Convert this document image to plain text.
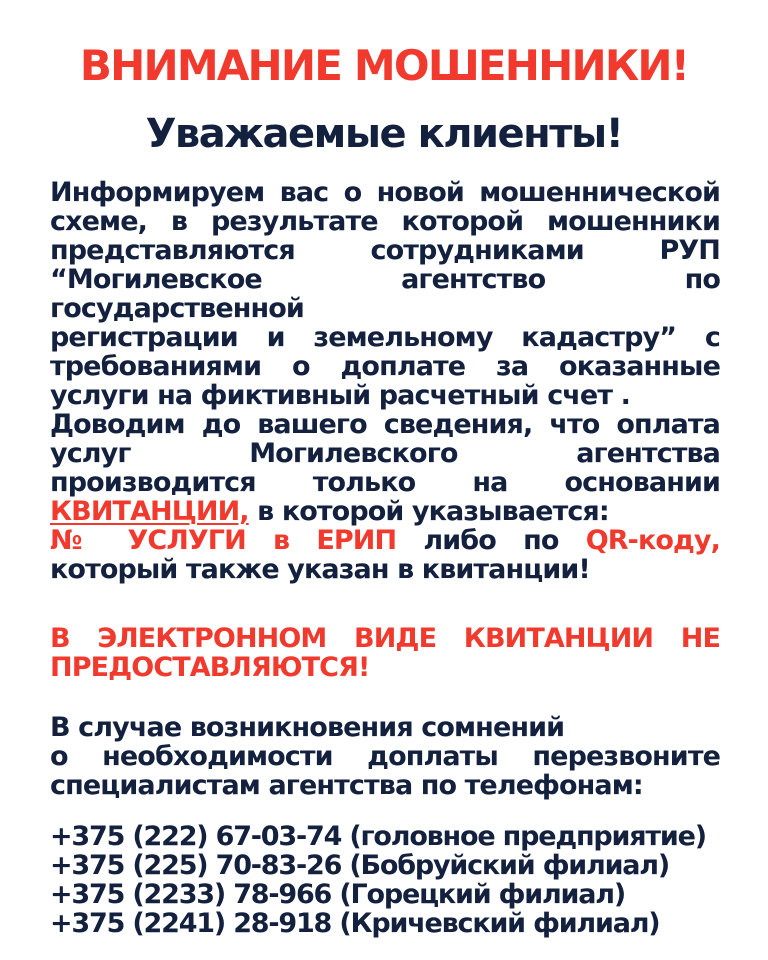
ВНИМАНИЕ МОШЕННИКИ!
Уважаемые клиенты!
Информируем вас о новой мошеннической
схеме, в результате которой мошенники
представляются сотрудниками РУП
“Могилевское агентство по государственной
регистрации и земельному кадастру” с
требованиями о доплате за оказанные
услуги на фиктивный расчетный счет .
Доводим до вашего сведения, что оплата
услуг Могилевского агентства
производится только на основании
КВИТАНЦИИ, в которой указывается:
№ УСЛУГИ в ЕРИП либо по QR-коду,
который также указан в квитанции!
В ЭЛЕКТРОННОМ ВИДЕ КВИТАНЦИИ НЕ
ПРЕДОСТАВЛЯЮТСЯ!
В случае возникновения сомнений
о необходимости доплаты перезвоните
специалистам агентства по телефонам:
+375 (222) 67-03-74 (головное предприятие)
+375 (225) 70-83-26 (Бобруйский филиал)
+375 (2233) 78-966 (Горецкий филиал)
+375 (2241) 28-918 (Кричевский филиал)
